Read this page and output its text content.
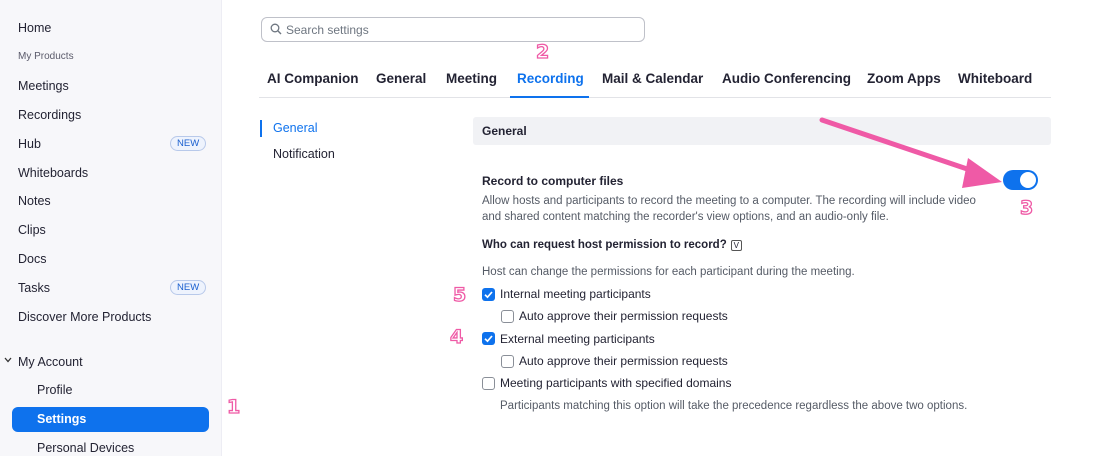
Home
My Products
Meetings
Recordings
Hub	NEW
Whiteboards
Notes
Clips
Docs
Tasks	NEW
Discover More Products
My Account
Profile
Settings
Personal Devices
Search settings
AI Companion General Meeting Recording Mail & Calendar Audio Conferencing Zoom Apps Whiteboard
General
Notification
General
Record to computer files
Allow hosts and participants to record the meeting to a computer. The recording will include video and shared content matching the recorder's view options, and an audio-only file.
Who can request host permission to record? V
Host can change the permissions for each participant during the meeting.
Internal meeting participants
Auto approve their permission requests
External meeting participants
Auto approve their permission requests
Meeting participants with specified domains
Participants matching this option will take the precedence regardless the above two options.
1
2
3
4
5
